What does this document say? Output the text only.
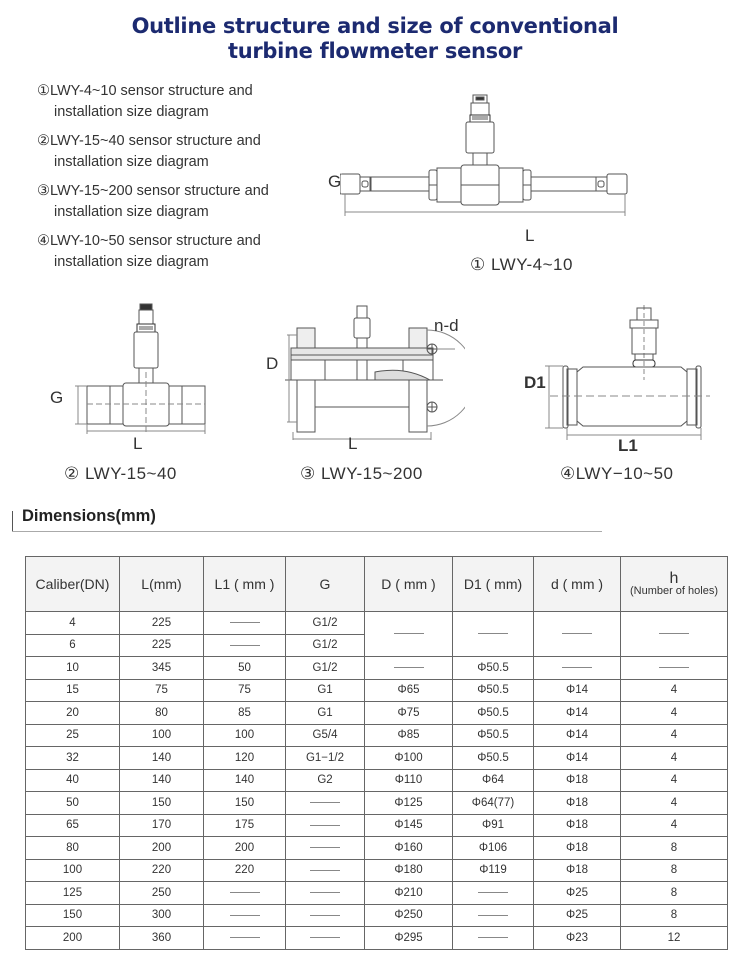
Outline structure and size of conventional
turbine flowmeter sensor
①LWY-4~10 sensor structure and
installation size diagram
②LWY-15~40 sensor structure and
installation size diagram
③LWY-15~200 sensor structure and
installation size diagram
④LWY-10~50 sensor structure and
installation size diagram
G
L
① LWY-4~10
G
L
② LWY-15~40
D
L
n-d
③ LWY-15~200
D1
L1
④LWY−10~50
Dimensions(mm)
Caliber(DN)	L(mm)	L1 ( mm )	G	D ( mm )	D1 ( mm)	d ( mm )	h
(Number of holes)

4	225		G1/2				
6	225		G1/2				
10	345	50	G1/2		Φ50.5		
15	75	75	G1	Φ65	Φ50.5	Φ14	4
20	80	85	G1	Φ75	Φ50.5	Φ14	4
25	100	100	G5/4	Φ85	Φ50.5	Φ14	4
32	140	120	G1−1/2	Φ100	Φ50.5	Φ14	4
40	140	140	G2	Φ110	Φ64	Φ18	4
50	150	150		Φ125	Φ64(77)	Φ18	4
65	170	175		Φ145	Φ91	Φ18	4
80	200	200		Φ160	Φ106	Φ18	8
100	220	220		Φ180	Φ119	Φ18	8
125	250			Φ210		Φ25	8
150	300			Φ250		Φ25	8
200	360			Φ295		Φ23	12
